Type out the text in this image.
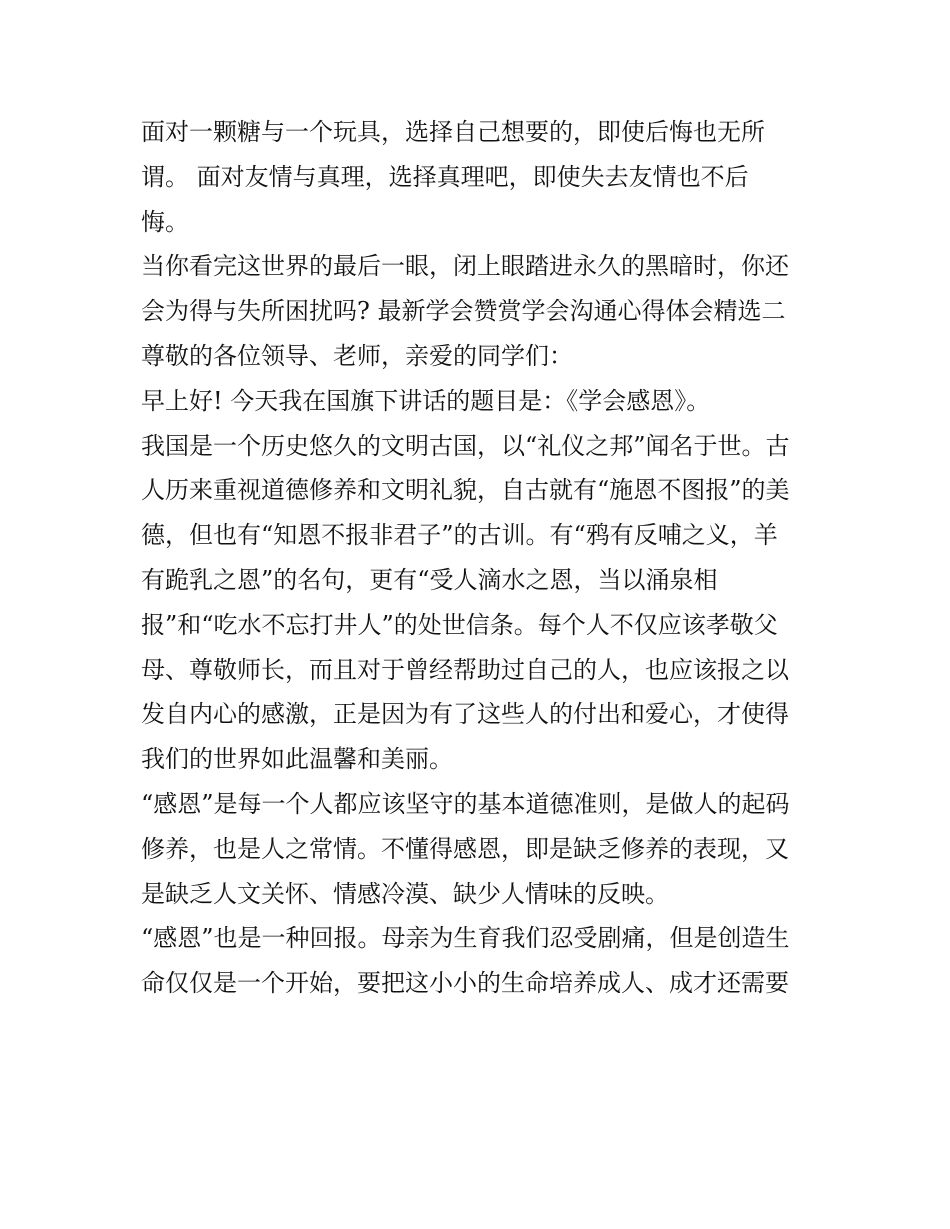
面对一颗糖与一个玩具，选择自己想要的，即使后悔也无所
谓。 面对友情与真理，选择真理吧，即使失去友情也不后
悔。
当你看完这世界的最后一眼，闭上眼踏进永久的黑暗时，你还
会为得与失所困扰吗? 最新学会赞赏学会沟通心得体会精选二
尊敬的各位领导、老师，亲爱的同学们：
早上好! 今天我在国旗下讲话的题目是：《学会感恩》。
我国是一个历史悠久的文明古国，以“礼仪之邦”闻名于世。古
人历来重视道德修养和文明礼貌，自古就有“施恩不图报”的美
德，但也有“知恩不报非君子”的古训。有“鸦有反哺之义，羊
有跪乳之恩”的名句，更有“受人滴水之恩，当以涌泉相
报”和“吃水不忘打井人”的处世信条。每个人不仅应该孝敬父
母、尊敬师长，而且对于曾经帮助过自己的人，也应该报之以
发自内心的感激，正是因为有了这些人的付出和爱心，才使得
我们的世界如此温馨和美丽。
“感恩”是每一个人都应该坚守的基本道德准则，是做人的起码
修养，也是人之常情。不懂得感恩，即是缺乏修养的表现，又
是缺乏人文关怀、情感冷漠、缺少人情味的反映。
“感恩”也是一种回报。母亲为生育我们忍受剧痛，但是创造生
命仅仅是一个开始，要把这小小的生命培养成人、成才还需要
